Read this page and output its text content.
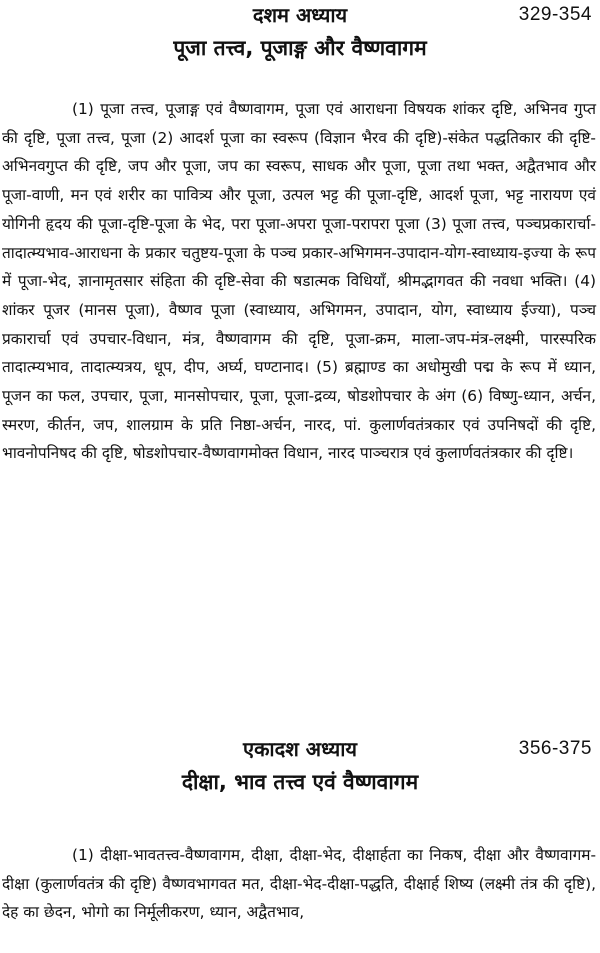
दशम अध्याय	329-354
पूजा तत्त्व, पूजाङ्ग और वैष्णवागम

(1) पूजा तत्त्व, पूजाङ्ग एवं वैष्णवागम, पूजा एवं आराधना विषयक शांकर दृष्टि, अभिनव गुप्त की दृष्टि, पूजा तत्त्व, पूजा (2) आदर्श पूजा का स्वरूप (विज्ञान भैरव की दृष्टि)-संकेत पद्धतिकार की दृष्टि-अभिनवगुप्त की दृष्टि, जप और पूजा, जप का स्वरूप, साधक और पूजा, पूजा तथा भक्त, अद्वैतभाव और पूजा-वाणी, मन एवं शरीर का पावित्र्य और पूजा, उत्पल भट्ट की पूजा-दृष्टि, आदर्श पूजा, भट्ट नारायण एवं योगिनी हृदय की पूजा-दृष्टि-पूजा के भेद, परा पूजा-अपरा पूजा-परापरा पूजा (3) पूजा तत्त्व, पञ्चप्रकारार्चा-तादात्म्यभाव-आराधना के प्रकार चतुष्टय-पूजा के पञ्च प्रकार-अभिगमन-उपादान-योग-स्वाध्याय-इज्या के रूप में पूजा-भेद, ज्ञानामृतसार संहिता की दृष्टि-सेवा की षडात्मक विधियाँ, श्रीमद्भागवत की नवधा भक्ति। (4) शांकर पूजर (मानस पूजा), वैष्णव पूजा (स्वाध्याय, अभिगमन, उपादान, योग, स्वाध्याय ईज्या), पञ्च प्रकारार्चा एवं उपचार-विधान, मंत्र, वैष्णवागम की दृष्टि, पूजा-क्रम, माला-जप-मंत्र-लक्ष्मी, पारस्परिक तादात्म्यभाव, तादात्म्यत्रय, धूप, दीप, अर्घ्य, घण्टानाद। (5) ब्रह्माण्ड का अधोमुखी पद्म के रूप में ध्यान, पूजन का फल, उपचार, पूजा, मानसोपचार, पूजा, पूजा-द्रव्य, षोडशोपचार के अंग (6) विष्णु-ध्यान, अर्चन, स्मरण, कीर्तन, जप, शालग्राम के प्रति निष्ठा-अर्चन, नारद, पां. कुलार्णवतंत्रकार एवं उपनिषदों की दृष्टि, भावनोपनिषद की दृष्टि, षोडशोपचार-वैष्णवागमोक्त विधान, नारद पाञ्चरात्र एवं कुलार्णवतंत्रकार की दृष्टि।

एकादश अध्याय	356-375
दीक्षा, भाव तत्त्व एवं वैष्णवागम

(1) दीक्षा-भावतत्त्व-वैष्णवागम, दीक्षा, दीक्षा-भेद, दीक्षार्हता का निकष, दीक्षा और वैष्णवागम-दीक्षा (कुलार्णवतंत्र की दृष्टि) वैष्णवभागवत मत, दीक्षा-भेद-दीक्षा-पद्धति, दीक्षार्ह शिष्य (लक्ष्मी तंत्र की दृष्टि), देह का छेदन, भोगो का निर्मूलीकरण, ध्यान, अद्वैतभाव,
